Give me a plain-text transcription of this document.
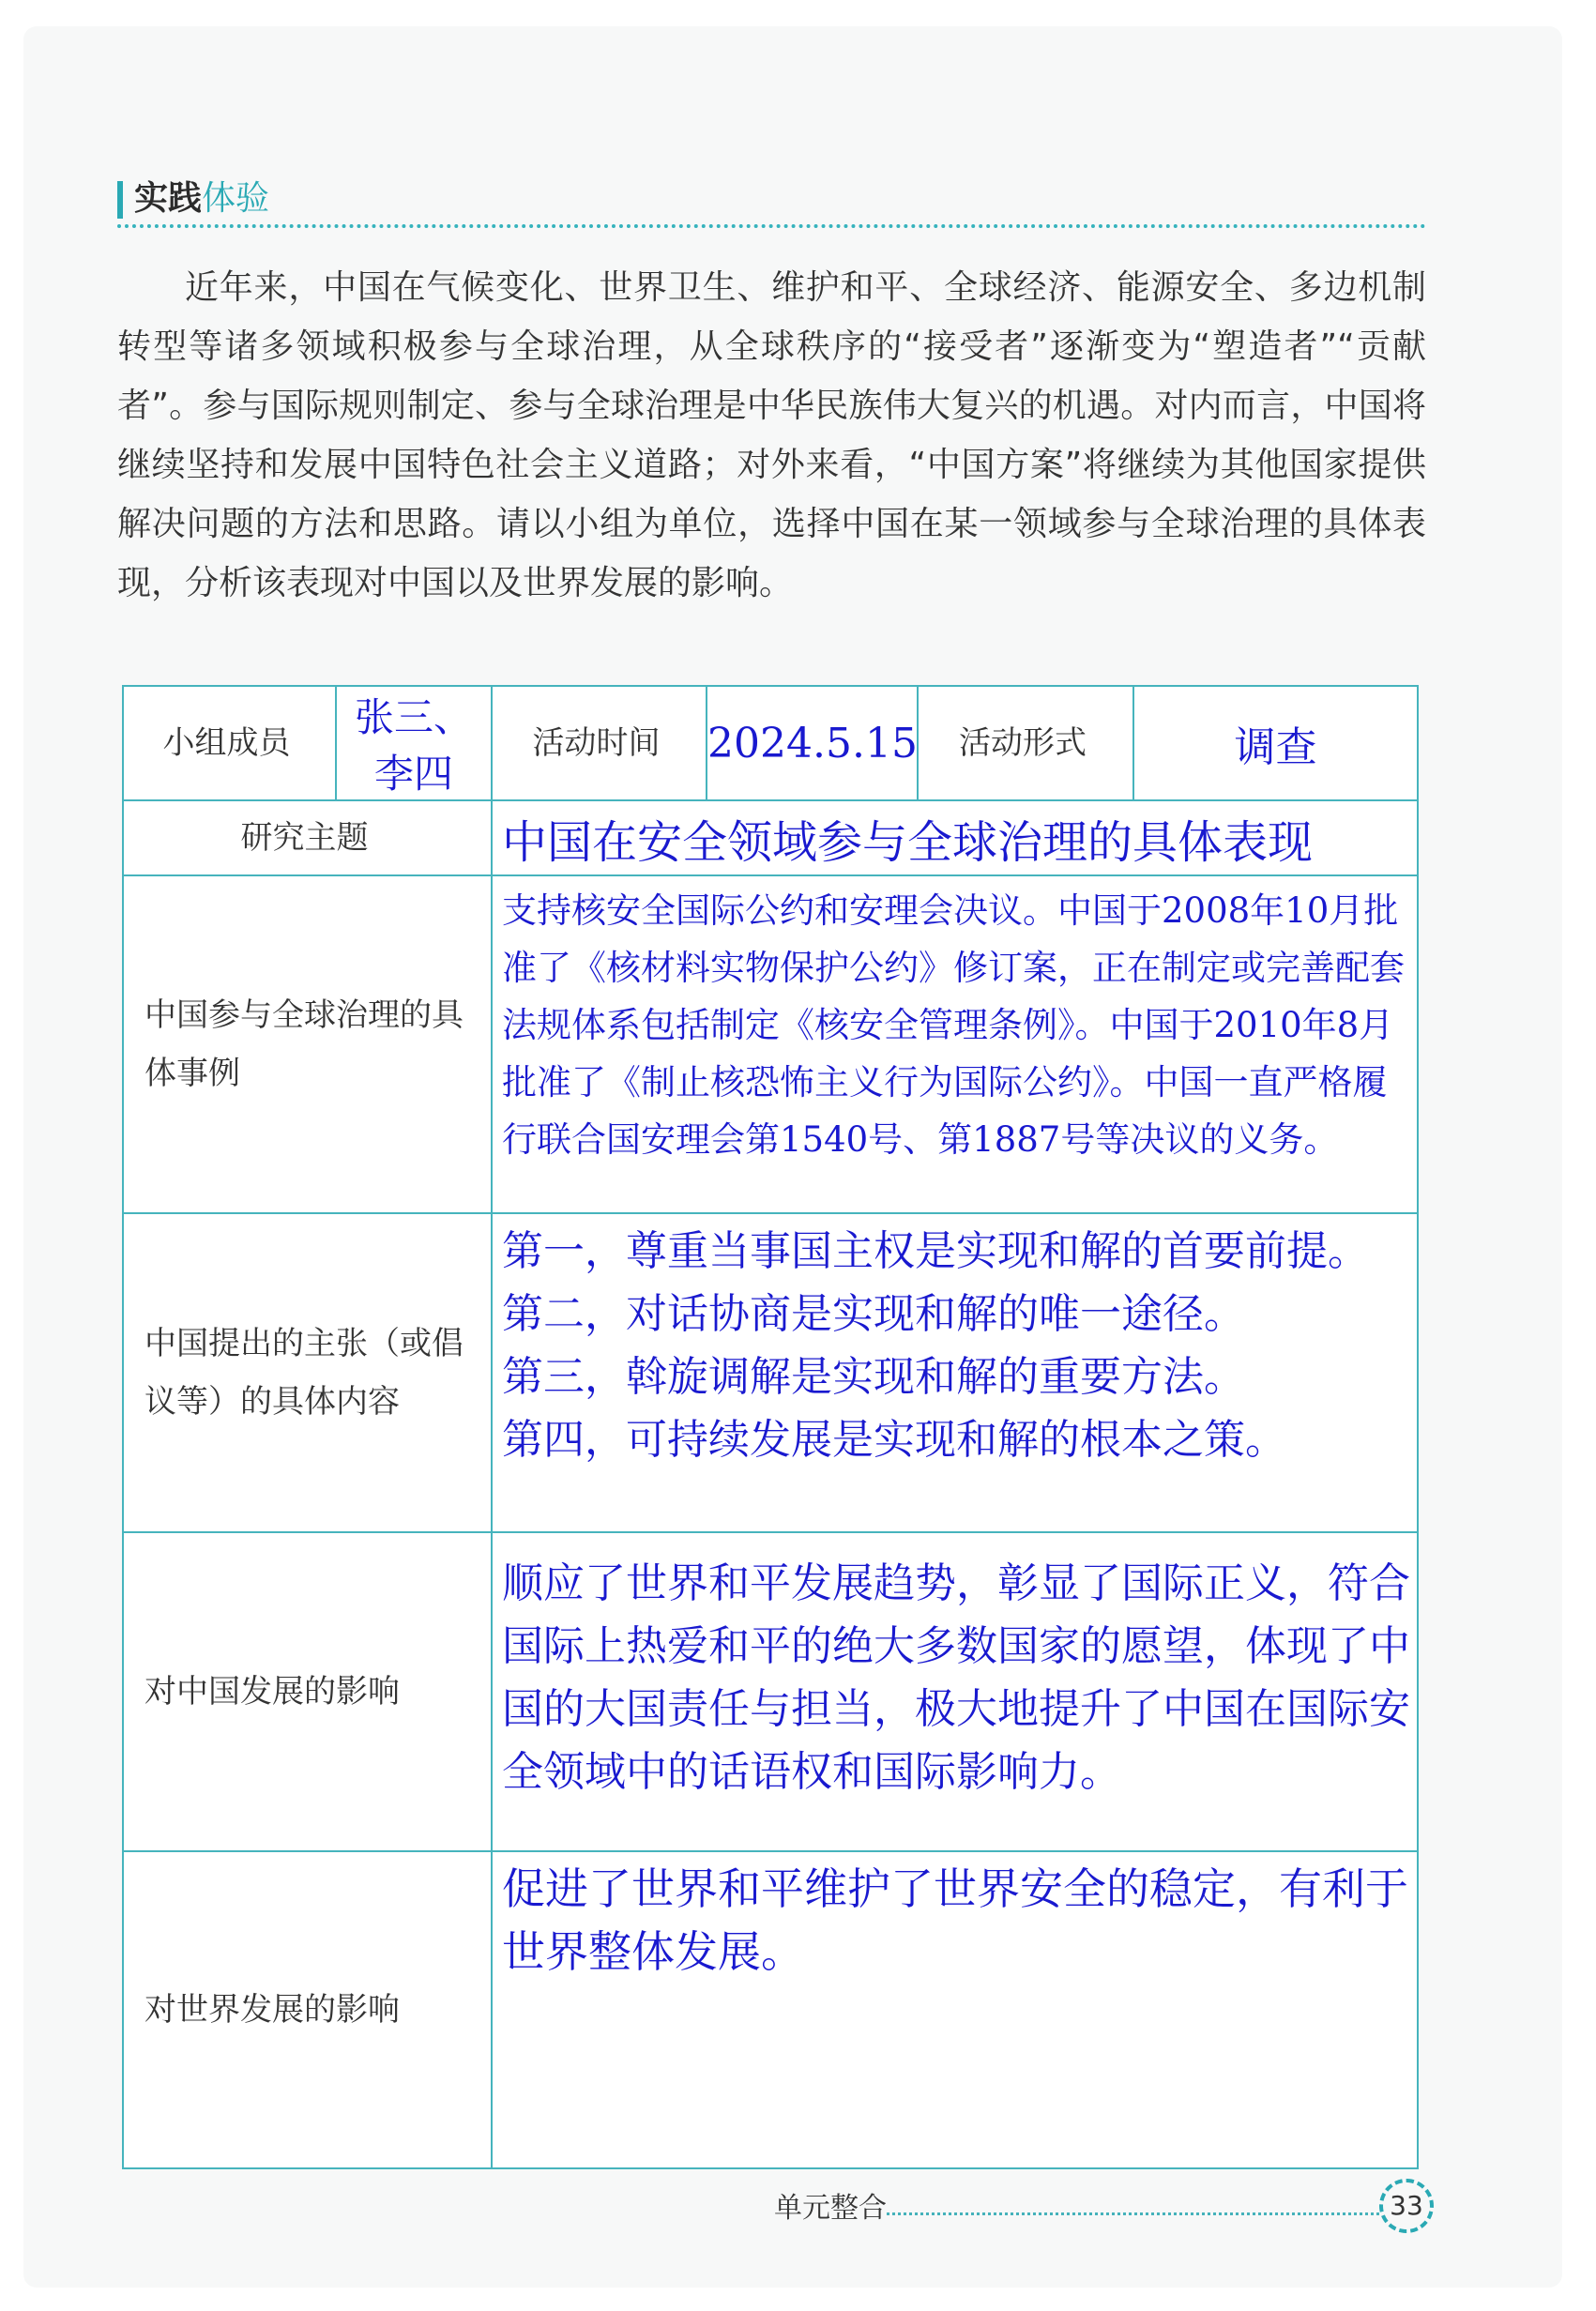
实践体验
近年来，中国在气候变化、世界卫生、维护和平、全球经济、能源安全、多边机制转型等诸多领域积极参与全球治理，从全球秩序的“接受者”逐渐变为“塑造者”“贡献者”。参与国际规则制定、参与全球治理是中华民族伟大复兴的机遇。对内而言，中国将继续坚持和发展中国特色社会主义道路；对外来看，“中国方案”将继续为其他国家提供解决问题的方法和思路。请以小组为单位，选择中国在某一领域参与全球治理的具体表现，分析该表现对中国以及世界发展的影响。
小组成员	张三、李四	活动时间	2024.5.15	活动形式	调查
研究主题		中国在安全领域参与全球治理的具体表现			
中国参与全球治理的具体事例		支持核安全国际公约和安理会决议。中国于2008年10月批准了《核材料实物保护公约》修订案，正在制定或完善配套法规体系包括制定《核安全管理条例》。中国于2010年8月批准了《制止核恐怖主义行为国际公约》。中国一直严格履行联合国安理会第1540号、第1887号等决议的义务。			
中国提出的主张（或倡议等）的具体内容		第一，尊重当事国主权是实现和解的首要前提。
第二，对话协商是实现和解的唯一途径。
第三，斡旋调解是实现和解的重要方法。
第四，可持续发展是实现和解的根本之策。			

对中国发展的影响		顺应了世界和平发展趋势，彰显了国际正义，符合国际上热爱和平的绝大多数国家的愿望，体现了中国的大国责任与担当，极大地提升了中国在国际安全领域中的话语权和国际影响力。			
对世界发展的影响		促进了世界和平维护了世界安全的稳定，有利于世界整体发展。			
单元整合	33
